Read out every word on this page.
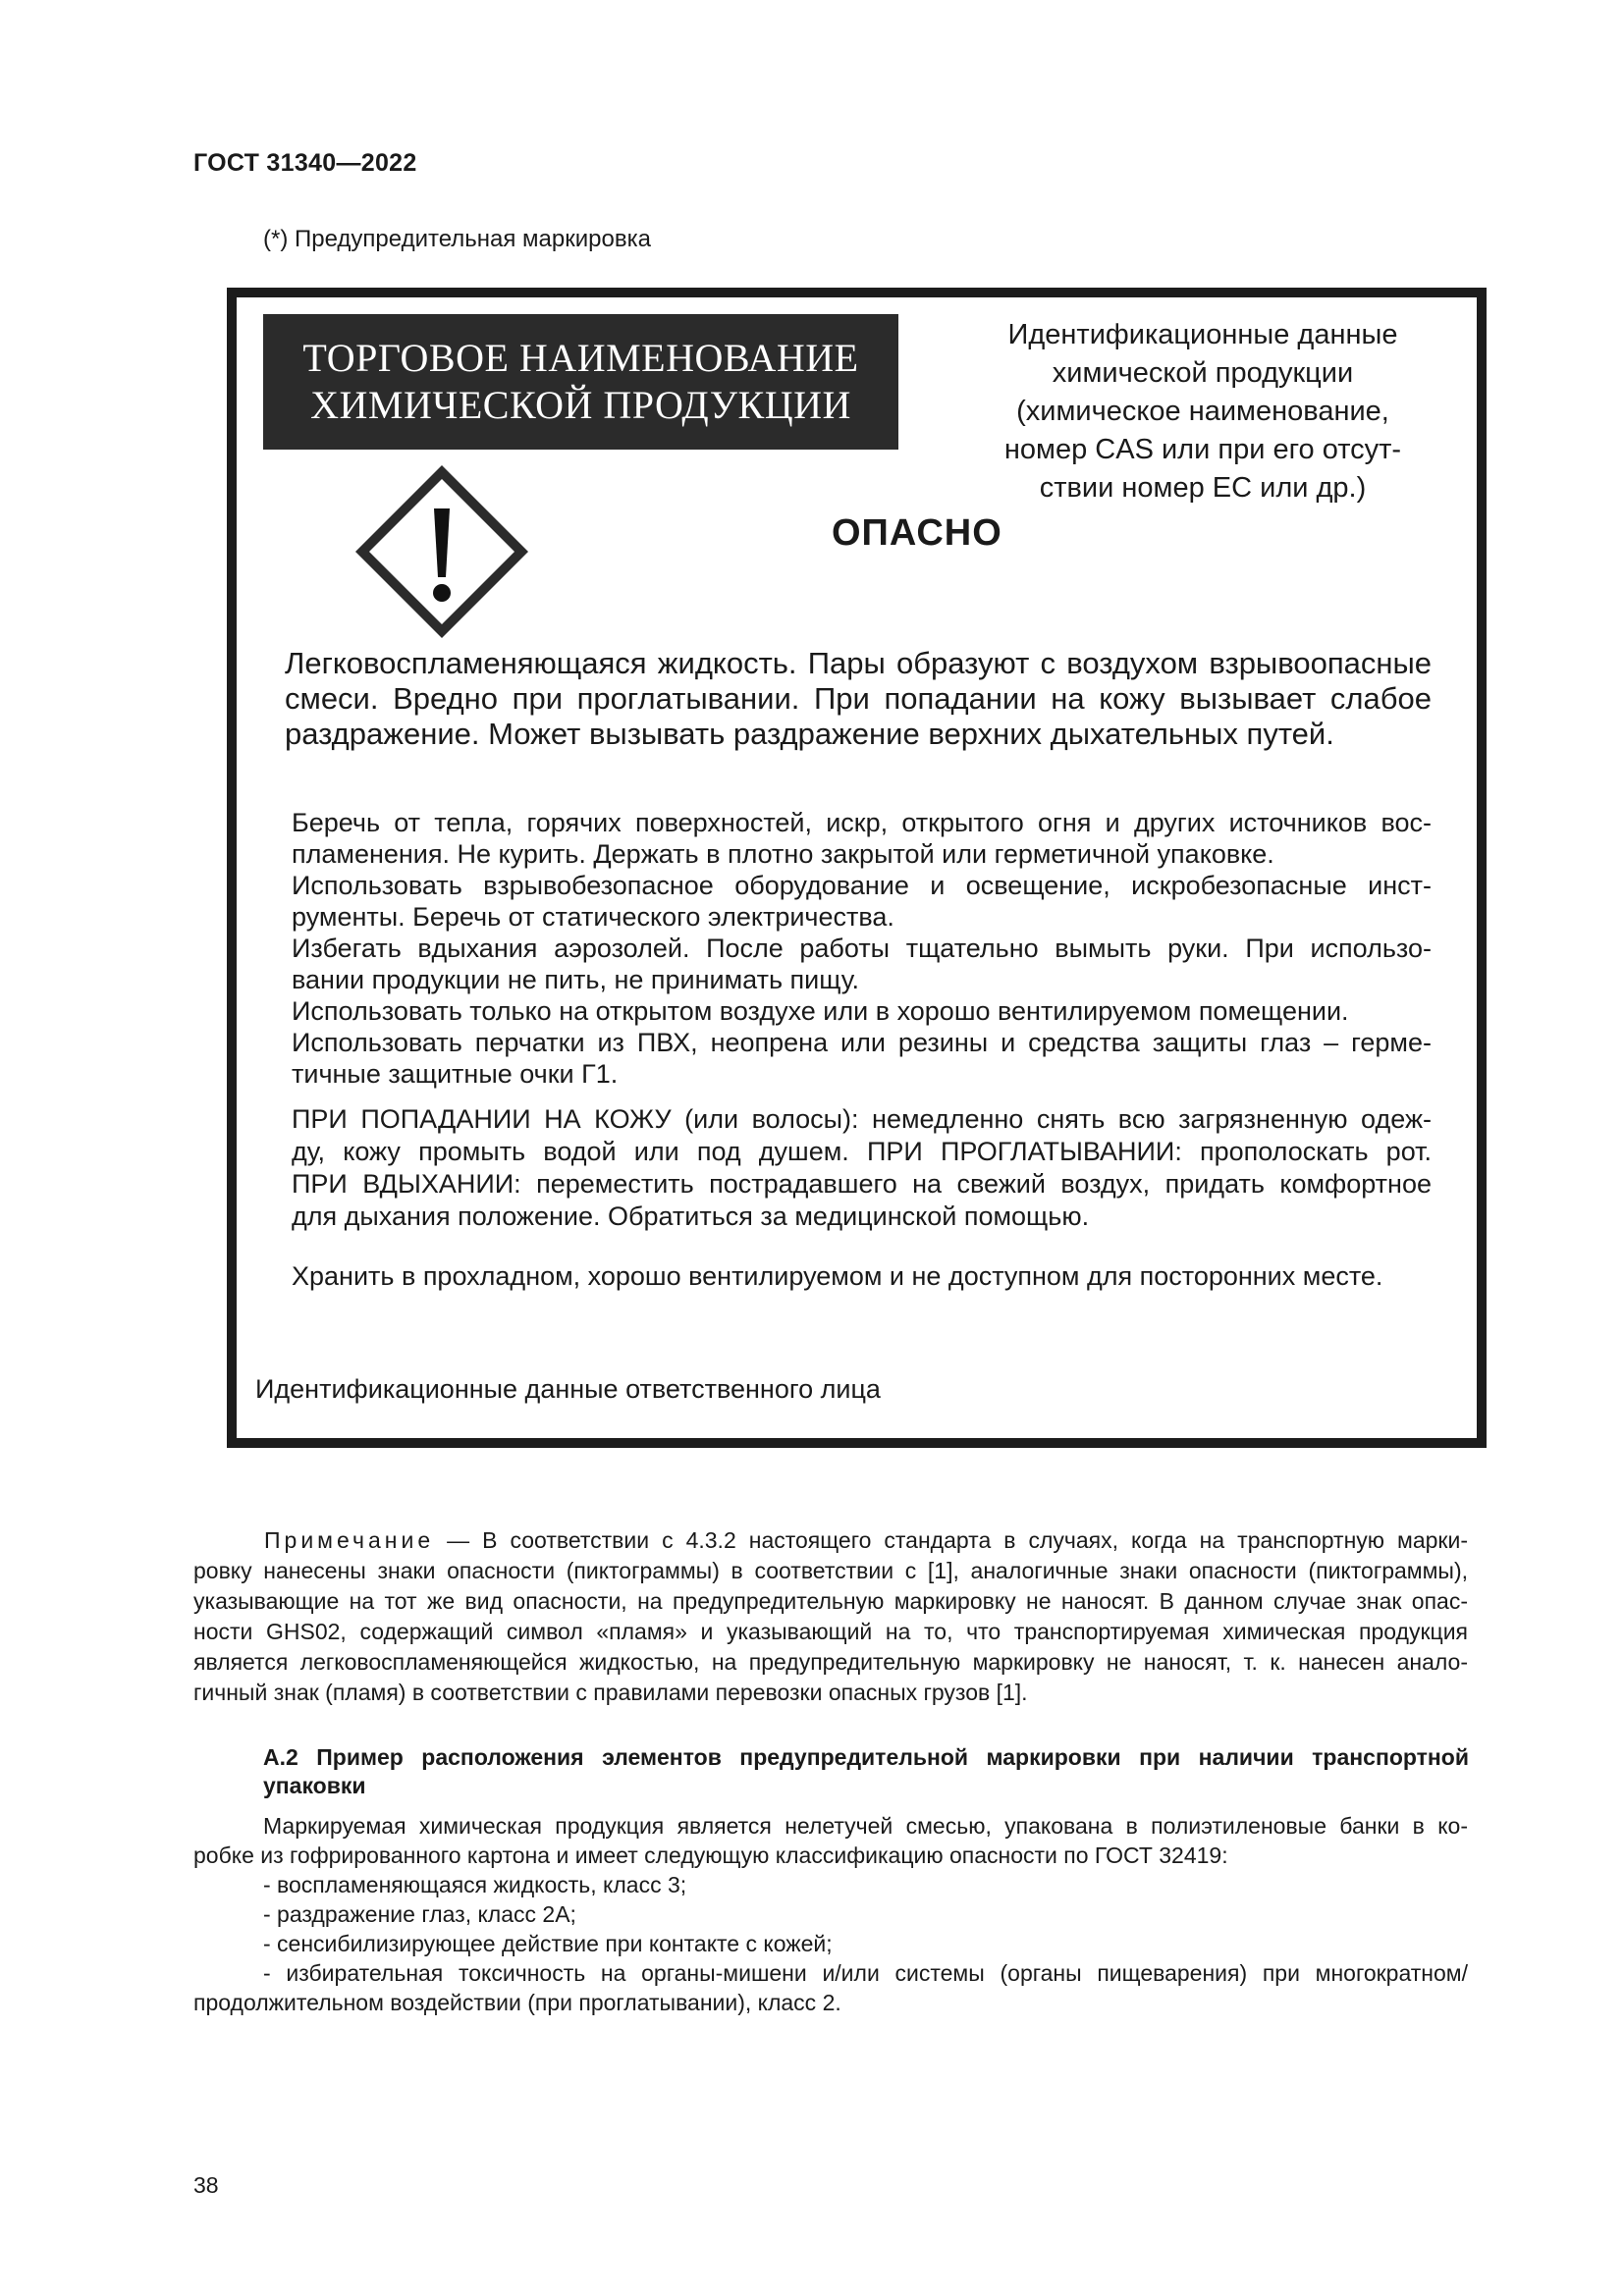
ГОСТ 31340—2022
(*) Предупредительная маркировка
ТОРГОВОЕ НАИМЕНОВАНИЕ
ХИМИЧЕСКОЙ ПРОДУКЦИИ
Идентификационные данные
химической продукции
(химическое наименование,
номер CAS или при его отсут-
ствии номер ЕС или др.)
ОПАСНО
Легковоспламеняющаяся жидкость. Пары образуют с воздухом взрывоопасные
смеси. Вредно при проглатывании. При попадании на кожу вызывает слабое
раздражение. Может вызывать раздражение верхних дыхательных путей.
Беречь от тепла, горячих поверхностей, искр, открытого огня и других источников вос-
пламенения. Не курить. Держать в плотно закрытой или герметичной упаковке.
Использовать взрывобезопасное оборудование и освещение, искробезопасные инст-
рументы. Беречь от статического электричества.
Избегать вдыхания аэрозолей. После работы тщательно вымыть руки. При использо-
вании продукции не пить, не принимать пищу.
Использовать только на открытом воздухе или в хорошо вентилируемом помещении.
Использовать перчатки из ПВХ, неопрена или резины и средства защиты глаз – герме-
тичные защитные очки Г1.
ПРИ ПОПАДАНИИ НА КОЖУ (или волосы): немедленно снять всю загрязненную одеж-
ду, кожу промыть водой или под душем. ПРИ ПРОГЛАТЫВАНИИ: прополоскать рот.
ПРИ ВДЫХАНИИ: переместить пострадавшего на свежий воздух, придать комфортное
для дыхания положение. Обратиться за медицинской помощью.
Хранить в прохладном, хорошо вентилируемом и не доступном для посторонних месте.
Идентификационные данные ответственного лица
Примечание — В соответствии с 4.3.2 настоящего стандарта в случаях, когда на транспортную марки-
ровку нанесены знаки опасности (пиктограммы) в соответствии с [1], аналогичные знаки опасности (пиктограммы),
указывающие на тот же вид опасности, на предупредительную маркировку не наносят. В данном случае знак опас-
ности GHS02, содержащий символ «пламя» и указывающий на то, что транспортируемая химическая продукция
является легковоспламеняющейся жидкостью, на предупредительную маркировку не наносят, т. к. нанесен анало-
гичный знак (пламя) в соответствии с правилами перевозки опасных грузов [1].
А.2 Пример расположения элементов предупредительной маркировки при наличии транспортной
упаковки
Маркируемая химическая продукция является нелетучей смесью, упакована в полиэтиленовые банки в ко-
робке из гофрированного картона и имеет следующую классификацию опасности по ГОСТ 32419:
- воспламеняющаяся жидкость, класс 3;
- раздражение глаз, класс 2А;
- сенсибилизирующее действие при контакте с кожей;
- избирательная токсичность на органы-мишени и/или системы (органы пищеварения) при многократном/
продолжительном воздействии (при проглатывании), класс 2.
38
